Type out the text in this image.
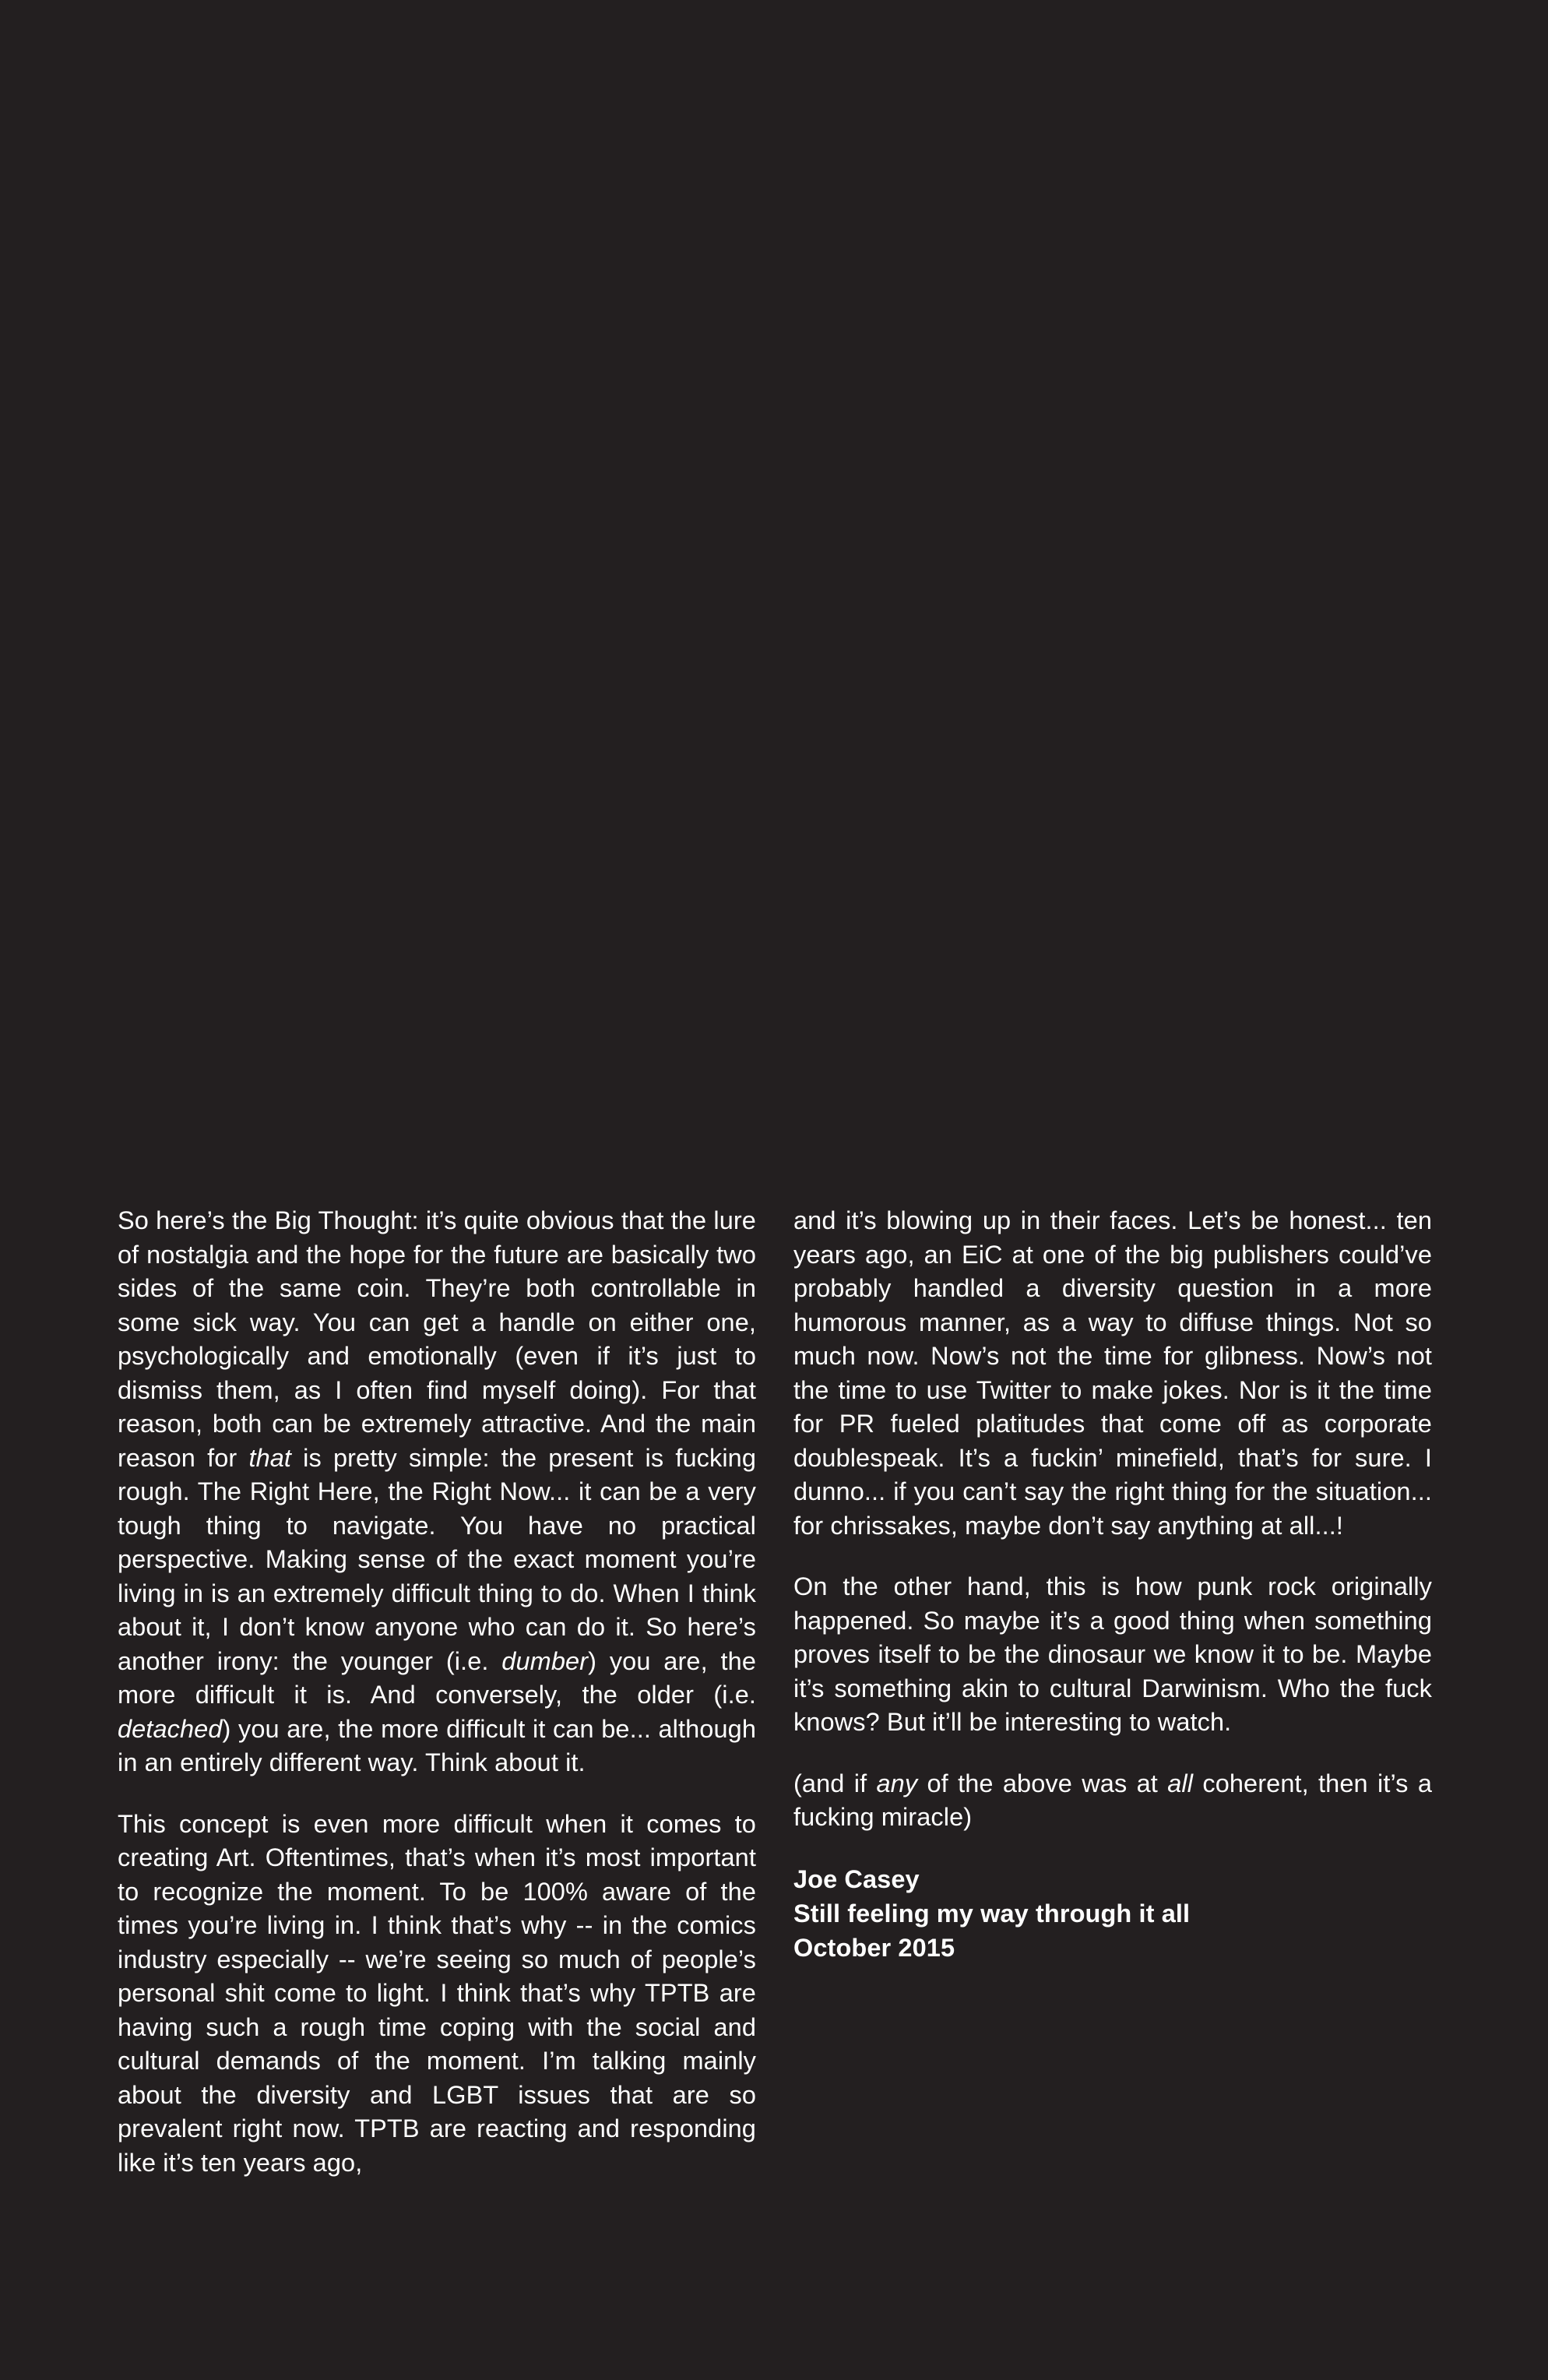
So here’s the Big Thought: it’s quite obvious that the lure of nostalgia and the hope for the future are basically two sides of the same coin. They’re both controllable in some sick way. You can get a handle on either one, psychologically and emotionally (even if it’s just to dismiss them, as I often find myself doing). For that reason, both can be extremely attractive. And the main reason for that is pretty simple: the present is fucking rough. The Right Here, the Right Now... it can be a very tough thing to navigate. You have no practical perspective. Making sense of the exact moment you’re living in is an extremely difficult thing to do. When I think about it, I don’t know anyone who can do it. So here’s another irony: the younger (i.e. dumber) you are, the more difficult it is. And conversely, the older (i.e. detached) you are, the more difficult it can be... although in an entirely different way. Think about it.

This concept is even more difficult when it comes to creating Art. Oftentimes, that’s when it’s most important to recognize the moment. To be 100% aware of the times you’re living in. I think that’s why -- in the comics industry especially -- we’re seeing so much of people’s personal shit come to light. I think that’s why TPTB are having such a rough time coping with the social and cultural demands of the moment. I’m talking mainly about the diversity and LGBT issues that are so prevalent right now. TPTB are reacting and responding like it’s ten years ago,

and it’s blowing up in their faces. Let’s be honest... ten years ago, an EiC at one of the big publishers could’ve probably handled a diversity question in a more humorous manner, as a way to diffuse things. Not so much now. Now’s not the time for glibness. Now’s not the time to use Twitter to make jokes. Nor is it the time for PR fueled platitudes that come off as corporate doublespeak. It’s a fuckin’ minefield, that’s for sure. I dunno... if you can’t say the right thing for the situation... for chrissakes, maybe don’t say anything at all...!

On the other hand, this is how punk rock originally happened. So maybe it’s a good thing when something proves itself to be the dinosaur we know it to be. Maybe it’s something akin to cultural Darwinism. Who the fuck knows? But it’ll be interesting to watch.

(and if any of the above was at all coherent, then it’s a fucking miracle)

Joe Casey
Still feeling my way through it all
October 2015
